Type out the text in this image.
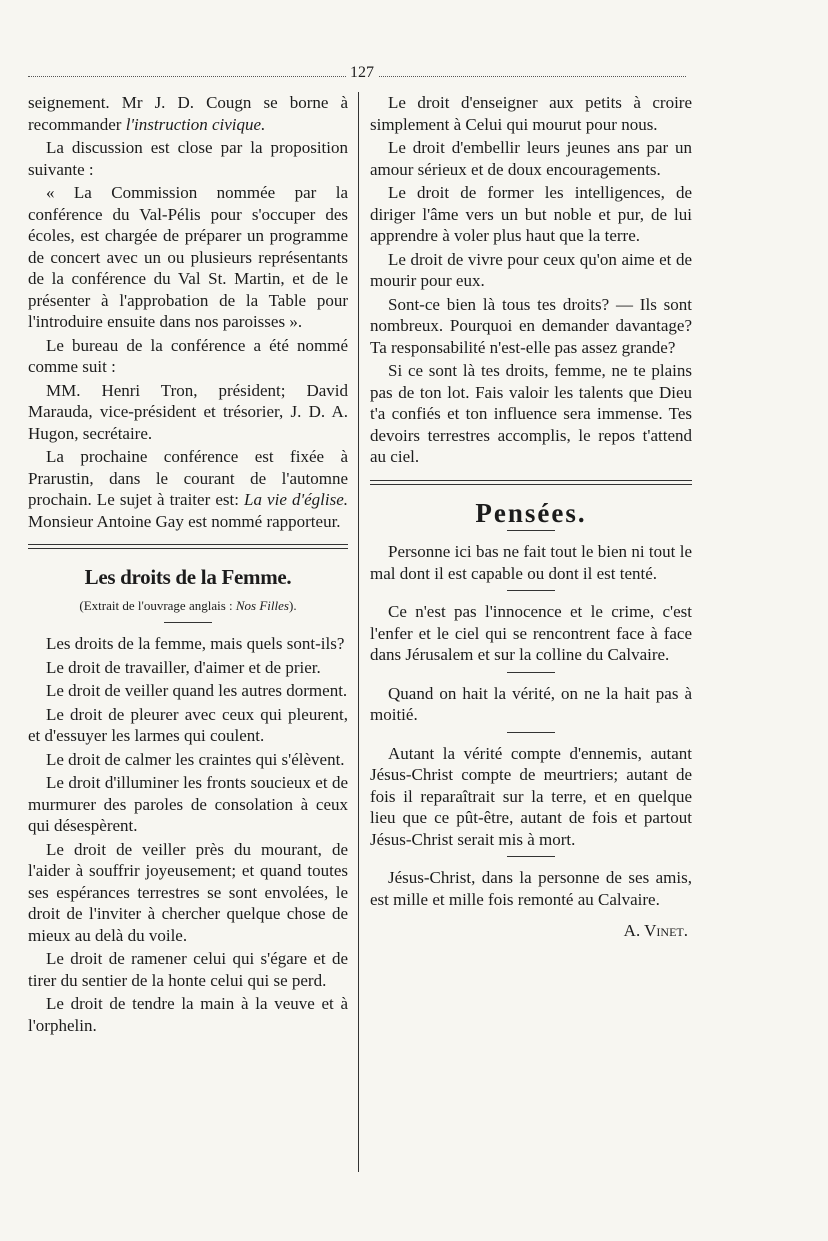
127

seignement. Mr J. D. Cougn se borne à recommander l'instruction civique.

La discussion est close par la proposition suivante :

« La Commission nommée par la conférence du Val-Pélis pour s'occuper des écoles, est chargée de préparer un programme de concert avec un ou plusieurs représentants de la conférence du Val St. Martin, et de le présenter à l'approbation de la Table pour l'introduire ensuite dans nos paroisses ».

Le bureau de la conférence a été nommé comme suit :

MM. Henri Tron, président; David Marauda, vice-président et trésorier, J. D. A. Hugon, secrétaire.

La prochaine conférence est fixée à Prarustin, dans le courant de l'automne prochain. Le sujet à traiter est: La vie d'église. Monsieur Antoine Gay est nommé rapporteur.

Les droits de la Femme.
(Extrait de l'ouvrage anglais : Nos Filles).

Les droits de la femme, mais quels sont-ils?

Le droit de travailler, d'aimer et de prier.

Le droit de veiller quand les autres dorment.

Le droit de pleurer avec ceux qui pleurent, et d'essuyer les larmes qui coulent.

Le droit de calmer les craintes qui s'élèvent.

Le droit d'illuminer les fronts soucieux et de murmurer des paroles de consolation à ceux qui désespèrent.

Le droit de veiller près du mourant, de l'aider à souffrir joyeusement; et quand toutes ses espérances terrestres se sont envolées, le droit de l'inviter à chercher quelque chose de mieux au delà du voile.

Le droit de ramener celui qui s'égare et de tirer du sentier de la honte celui qui se perd.

Le droit de tendre la main à la veuve et à l'orphelin.

Le droit d'enseigner aux petits à croire simplement à Celui qui mourut pour nous.

Le droit d'embellir leurs jeunes ans par un amour sérieux et de doux encouragements.

Le droit de former les intelligences, de diriger l'âme vers un but noble et pur, de lui apprendre à voler plus haut que la terre.

Le droit de vivre pour ceux qu'on aime et de mourir pour eux.

Sont-ce bien là tous tes droits? — Ils sont nombreux. Pourquoi en demander davantage? Ta responsabilité n'est-elle pas assez grande?

Si ce sont là tes droits, femme, ne te plains pas de ton lot. Fais valoir les talents que Dieu t'a confiés et ton influence sera immense. Tes devoirs terrestres accomplis, le repos t'attend au ciel.

Pensées.

Personne ici bas ne fait tout le bien ni tout le mal dont il est capable ou dont il est tenté.

Ce n'est pas l'innocence et le crime, c'est l'enfer et le ciel qui se rencontrent face à face dans Jérusalem et sur la colline du Calvaire.

Quand on hait la vérité, on ne la hait pas à moitié.

Autant la vérité compte d'ennemis, autant Jésus-Christ compte de meurtriers; autant de fois il reparaîtrait sur la terre, et en quelque lieu que ce pût-être, autant de fois et partout Jésus-Christ serait mis à mort.

Jésus-Christ, dans la personne de ses amis, est mille et mille fois remonté au Calvaire.

A. Vinet.
